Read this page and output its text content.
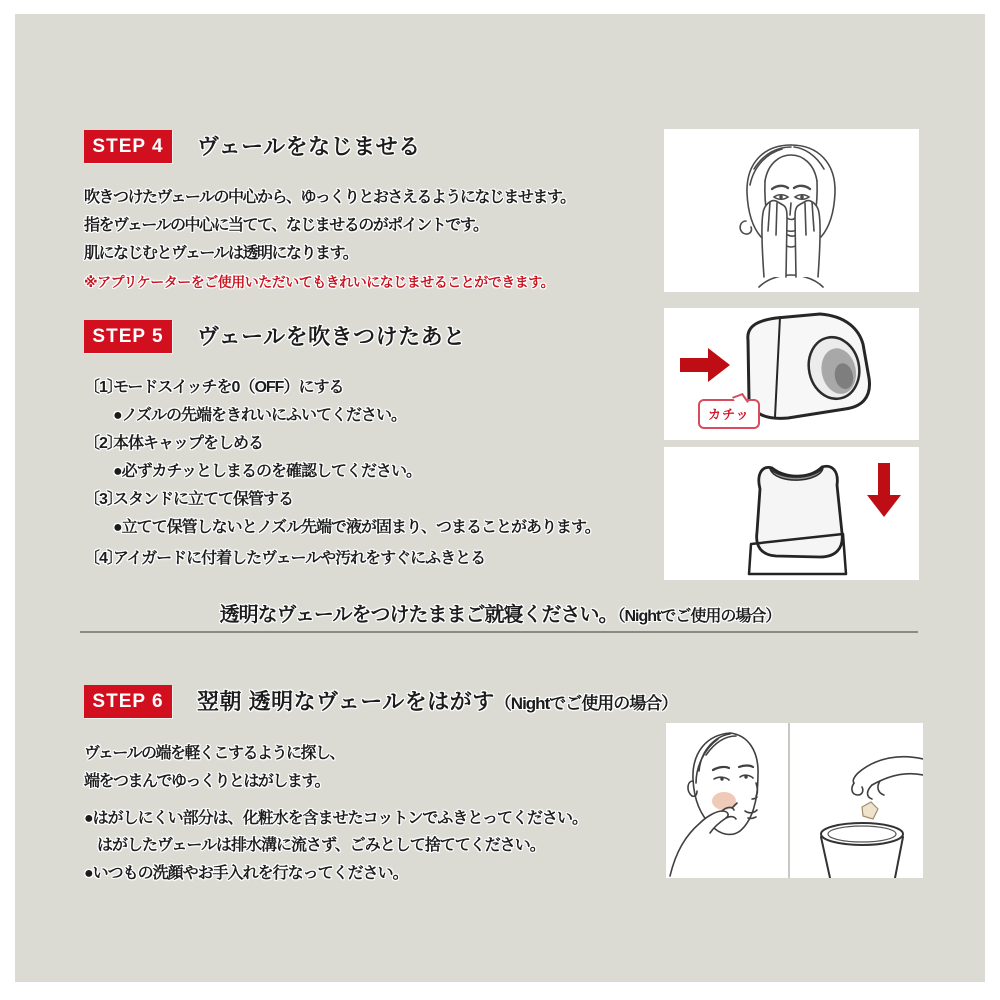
STEP 4	ヴェールをなじませる
吹きつけたヴェールの中心から、ゆっくりとおさえるようになじませます。
指をヴェールの中心に当てて、なじませるのがポイントです。
肌になじむとヴェールは透明になります。
※アプリケーターをご使用いただいてもきれいになじませることができます。
STEP 5	ヴェールを吹きつけたあと
〔1〕
モードスイッチを0（OFF）にする
●ノズルの先端をきれいにふいてください。
〔2〕
本体キャップをしめる
●必ずカチッとしまるのを確認してください。
〔3〕
スタンドに立てて保管する
●立てて保管しないとノズル先端で液が固まり、つまることがあります。
〔4〕
アイガードに付着したヴェールや汚れをすぐにふきとる
カチッ
透明なヴェールをつけたままご就寝ください。（Nightでご使用の場合）
STEP 6	翌朝 透明なヴェールをはがす（Nightでご使用の場合）
ヴェールの端を軽くこするように探し、
端をつまんでゆっくりとはがします。
●はがしにくい部分は、化粧水を含ませたコットンでふきとってください。
はがしたヴェールは排水溝に流さず、ごみとして捨ててください。
●いつもの洗顔やお手入れを行なってください。
